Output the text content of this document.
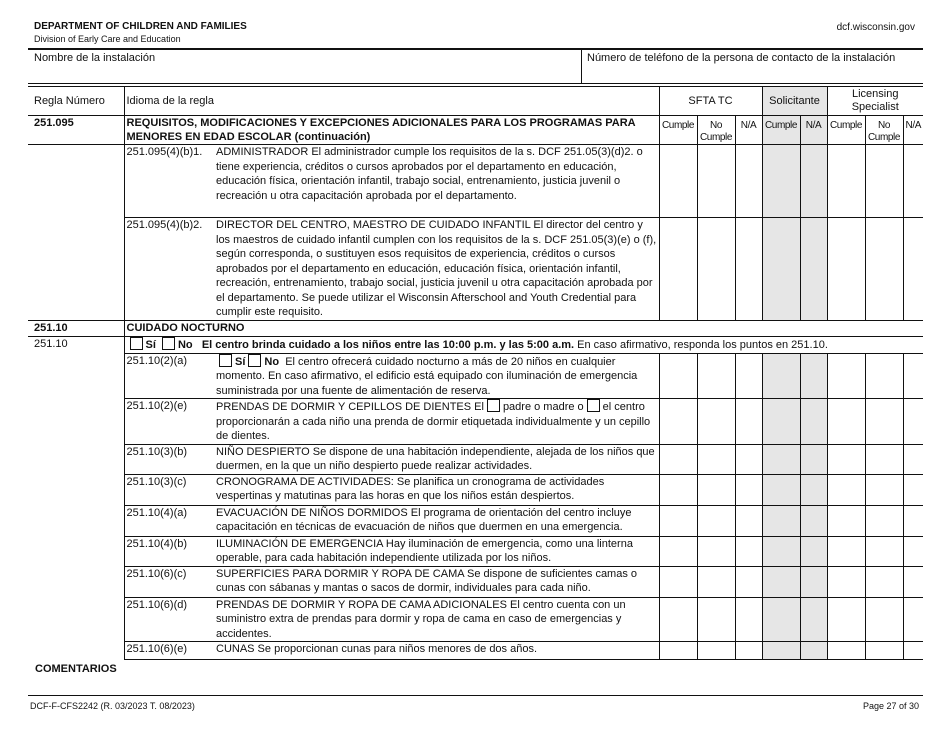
DEPARTMENT OF CHILDREN AND FAMILIES
Division of Early Care and Education
dcf.wisconsin.gov
Nombre de la instalación	Número de teléfono de la persona de contacto de la instalación
Regla Número	Idioma de la regla		SFTA TC			Solicitante		Licensing Specialist		
251.095	REQUISITOS, MODIFICACIONES Y EXCEPCIONES ADICIONALES PARA LOS PROGRAMAS PARA MENORES EN EDAD ESCOLAR (continuación)		Cumple	No Cumple	N/A	Cumple	N/A	Cumple	No Cumple	N/A
	251.095(4)(b)1.	ADMINISTRADOR El administrador cumple los requisitos de la s. DCF 251.05(3)(d)2. o tiene experiencia, créditos o cursos aprobados por el departamento en educación, educación física, orientación infantil, trabajo social, entrenamiento, justicia juvenil o recreación u otra capacitación aprobada por el departamento.								
	251.095(4)(b)2.	DIRECTOR DEL CENTRO, MAESTRO DE CUIDADO INFANTIL El director del centro y los maestros de cuidado infantil cumplen con los requisitos de la s. DCF 251.05(3)(e) o (f), según corresponda, o sustituyen esos requisitos de experiencia, créditos o cursos aprobados por el departamento en educación, educación física, orientación infantil, recreación, entrenamiento, trabajo social, justicia juvenil u otra capacitación aprobada por el departamento. Se puede utilizar el Wisconsin Afterschool and Youth Credential para cumplir este requisito.								
251.10	CUIDADO NOCTURNO									
251.10	Sí No El centro brinda cuidado a los niños entre las 10:00 p.m. y las 5:00 a.m. En caso afirmativo, responda los puntos en 251.10.									
	251.10(2)(a)	Sí No El centro ofrecerá cuidado nocturno a más de 20 niños en cualquier momento. En caso afirmativo, el edificio está equipado con iluminación de emergencia suministrada por una fuente de alimentación de reserva.								
	251.10(2)(e)	PRENDAS DE DORMIR Y CEPILLOS DE DIENTES El padre o madre o el centro proporcionarán a cada niño una prenda de dormir etiquetada individualmente y un cepillo de dientes.								
	251.10(3)(b)	NIÑO DESPIERTO Se dispone de una habitación independiente, alejada de los niños que duermen, en la que un niño despierto puede realizar actividades.								
	251.10(3)(c)	CRONOGRAMA DE ACTIVIDADES: Se planifica un cronograma de actividades vespertinas y matutinas para las horas en que los niños están despiertos.								
	251.10(4)(a)	EVACUACIÓN DE NIÑOS DORMIDOS El programa de orientación del centro incluye capacitación en técnicas de evacuación de niños que duermen en una emergencia.								
	251.10(4)(b)	ILUMINACIÓN DE EMERGENCIA Hay iluminación de emergencia, como una linterna operable, para cada habitación independiente utilizada por los niños.								
	251.10(6)(c)	SUPERFICIES PARA DORMIR Y ROPA DE CAMA Se dispone de suficientes camas o cunas con sábanas y mantas o sacos de dormir, individuales para cada niño.								
	251.10(6)(d)	PRENDAS DE DORMIR Y ROPA DE CAMA ADICIONALES El centro cuenta con un suministro extra de prendas para dormir y ropa de cama en caso de emergencias y accidentes.								
	251.10(6)(e)	CUNAS Se proporcionan cunas para niños menores de dos años.								
COMENTARIOS
DCF-F-CFS2242 (R. 03/2023 T. 08/2023)	Page 27 of 30
